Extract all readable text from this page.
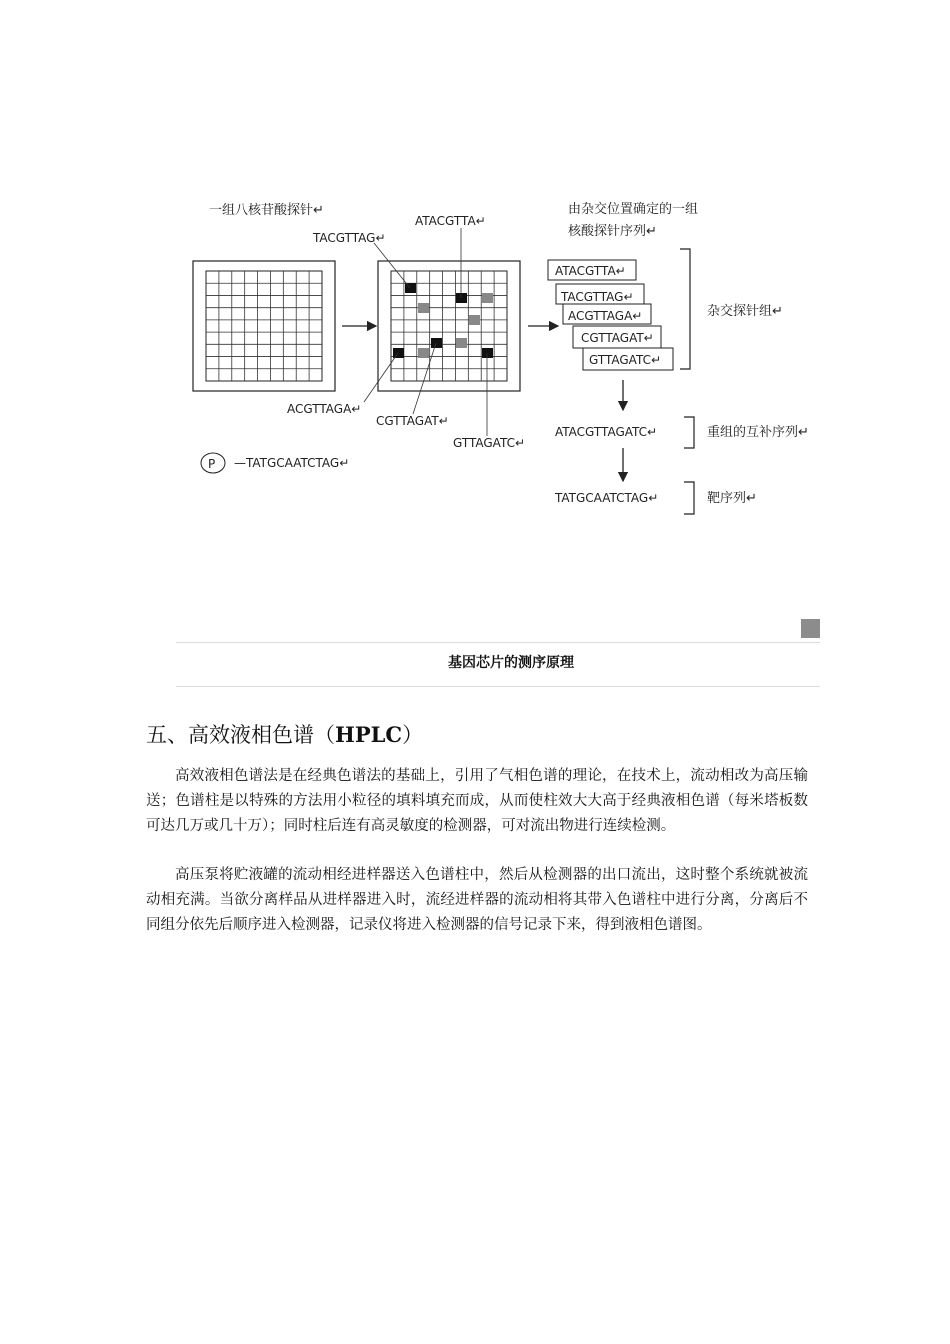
一组八核苷酸探针↵
TACGTTAG↵
ATACGTTA↵
ACGTTAGA↵
CGTTAGAT↵
GTTAGATC↵
P —TATGCAATCTAG↵
由杂交位置确定的一组
核酸探针序列↵
ATACGTTA↵
TACGTTAG↵
ACGTTAGA↵
CGTTAGAT↵
GTTAGATC↵
杂交探针组↵
ATACGTTAGATC↵	重组的互补序列↵
TATGCAATCTAG↵	靶序列↵
基因芯片的测序原理
五、高效液相色谱（HPLC）
高效液相色谱法是在经典色谱法的基础上，引用了气相色谱的理论，在技术上，流动相改为高压输送；色谱柱是以特殊的方法用小粒径的填料填充而成，从而使柱效大大高于经典液相色谱（每米塔板数可达几万或几十万）；同时柱后连有高灵敏度的检测器，可对流出物进行连续检测。
高压泵将贮液罐的流动相经进样器送入色谱柱中，然后从检测器的出口流出，这时整个系统就被流动相充满。当欲分离样品从进样器进入时，流经进样器的流动相将其带入色谱柱中进行分离，分离后不同组分依先后顺序进入检测器，记录仪将进入检测器的信号记录下来，得到液相色谱图。
